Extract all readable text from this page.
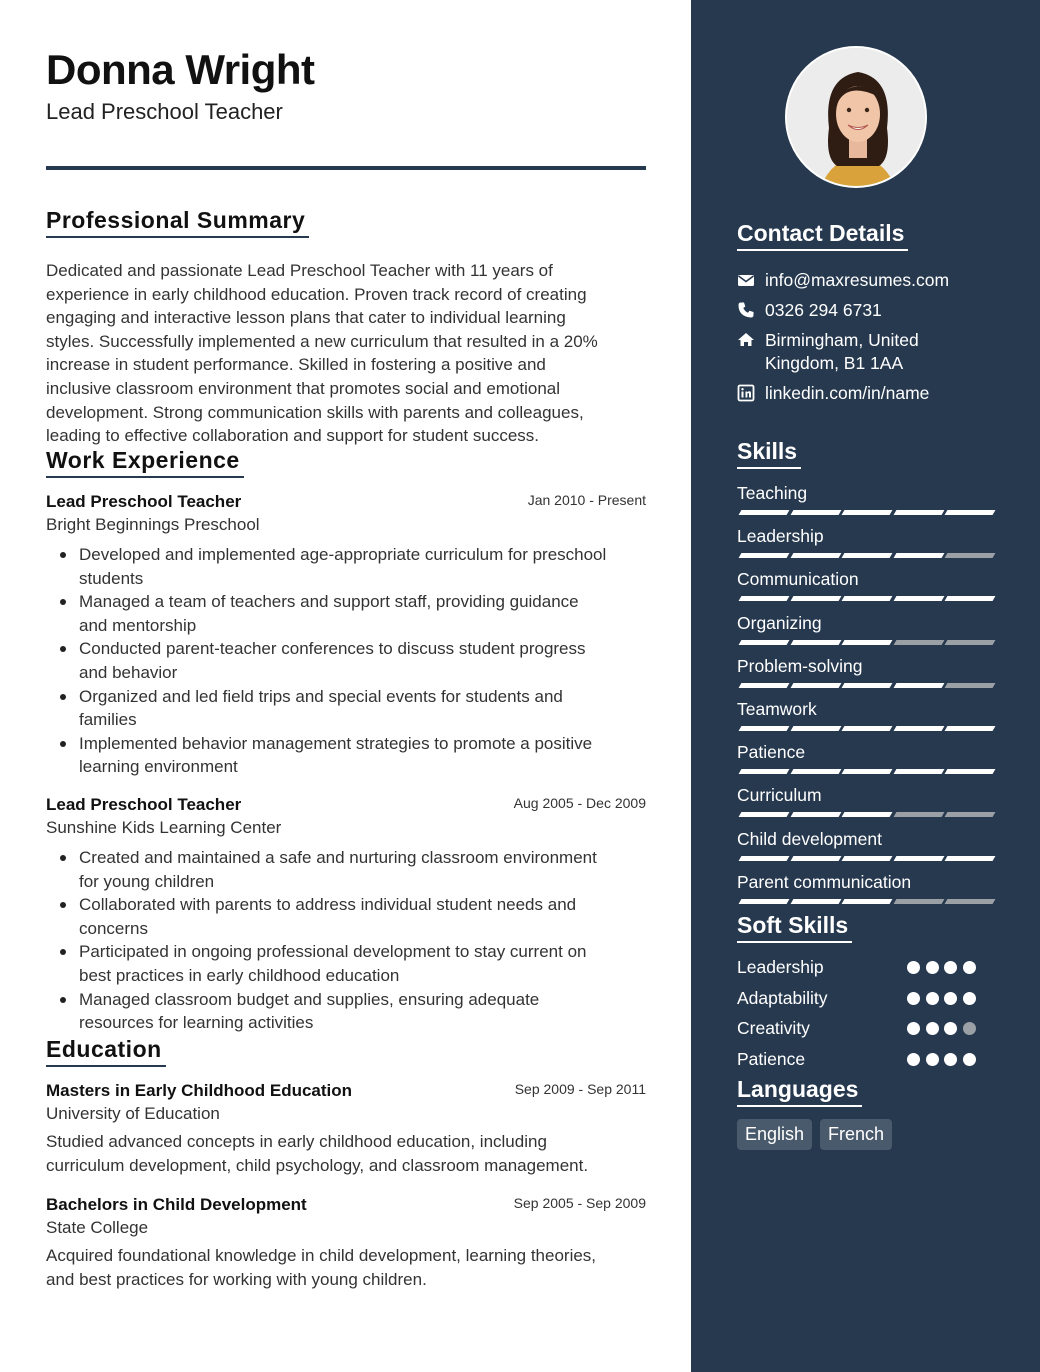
Donna Wright
Lead Preschool Teacher
Professional Summary
Dedicated and passionate Lead Preschool Teacher with 11 years of
experience in early childhood education. Proven track record of creating
engaging and interactive lesson plans that cater to individual learning
styles. Successfully implemented a new curriculum that resulted in a 20%
increase in student performance. Skilled in fostering a positive and
inclusive classroom environment that promotes social and emotional
development. Strong communication skills with parents and colleagues,
leading to effective collaboration and support for student success.
Work Experience
Lead Preschool Teacher	Jan 2010 - Present
Bright Beginnings Preschool
Developed and implemented age-appropriate curriculum for preschool
students
Managed a team of teachers and support staff, providing guidance
and mentorship
Conducted parent-teacher conferences to discuss student progress
and behavior
Organized and led field trips and special events for students and
families
Implemented behavior management strategies to promote a positive
learning environment
Lead Preschool Teacher	Aug 2005 - Dec 2009
Sunshine Kids Learning Center
Created and maintained a safe and nurturing classroom environment
for young children
Collaborated with parents to address individual student needs and
concerns
Participated in ongoing professional development to stay current on
best practices in early childhood education
Managed classroom budget and supplies, ensuring adequate
resources for learning activities
Education
Masters in Early Childhood Education	Sep 2009 - Sep 2011
University of Education
Studied advanced concepts in early childhood education, including
curriculum development, child psychology, and classroom management.
Bachelors in Child Development	Sep 2005 - Sep 2009
State College
Acquired foundational knowledge in child development, learning theories,
and best practices for working with young children.
Contact Details
info@maxresumes.com
0326 294 6731
Birmingham, United
Kingdom, B1 1AA
linkedin.com/in/name
Skills
Teaching
Leadership
Communication
Organizing
Problem-solving
Teamwork
Patience
Curriculum
Child development
Parent communication
Soft Skills
Leadership
Adaptability
Creativity
Patience
Languages
English	French
